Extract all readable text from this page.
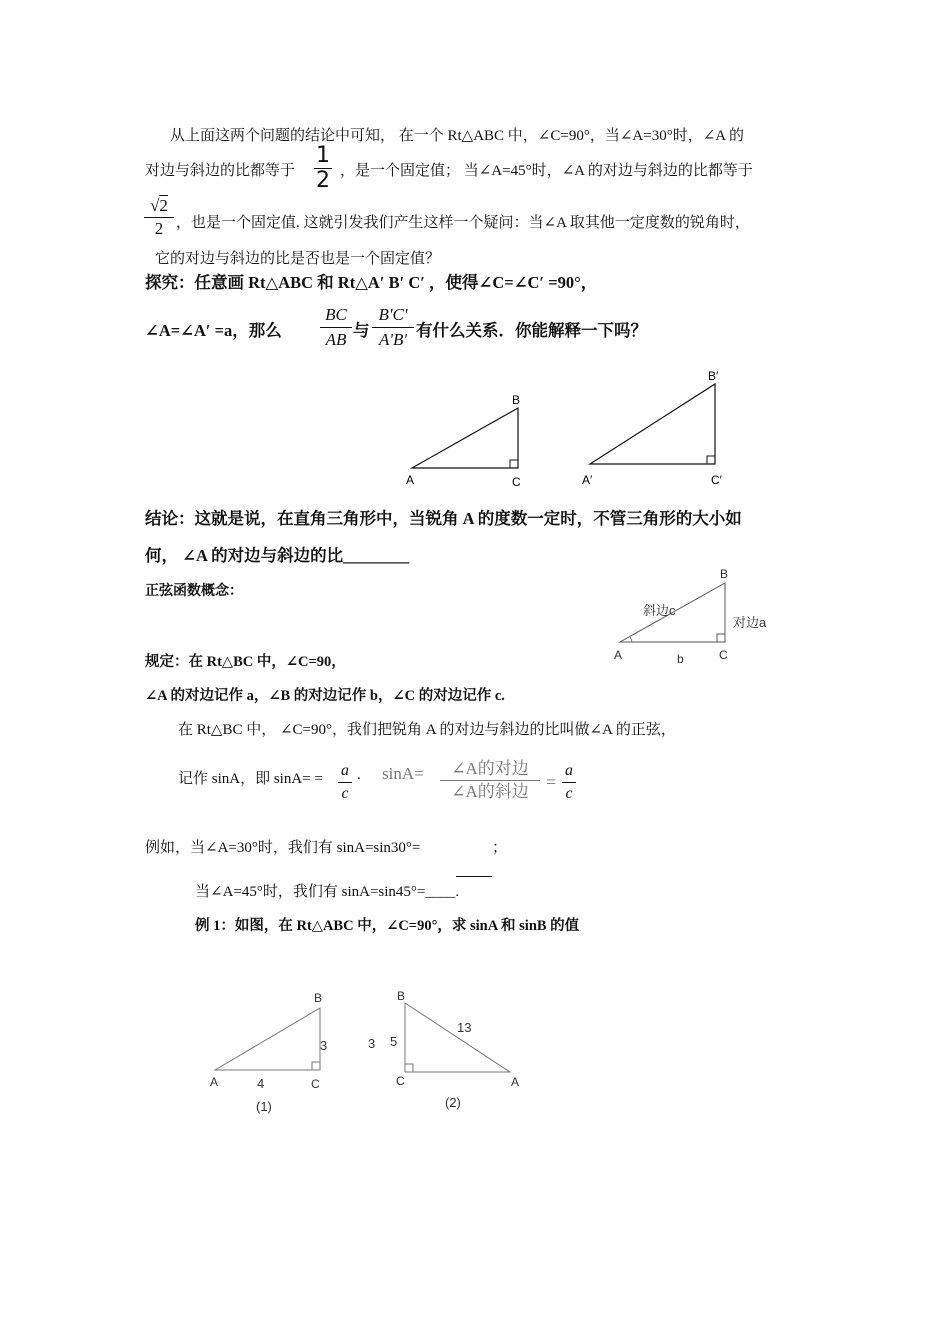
从上面这两个问题的结论中可知， 在一个 Rt△ABC 中，∠C=90°，当∠A=30°时，∠A 的
对边与斜边的比都等于
1
2 ，是一个固定值； 当∠A=45°时，∠A 的对边与斜边的比都等于
√2
2 ，也是一个固定值. 这就引发我们产生这样一个疑问：当∠A 取其他一定度数的锐角时，
它的对边与斜边的比是否也是一个固定值？
探究：任意画 Rt△ABC 和 Rt△A′ B′ C′ ，使得∠C=∠C′ =90°，
∠A=∠A′ =a，那么
BC
AB 与
B'C'
A'B' 有什么关系．你能解释一下吗？
A
B
C	A′
B′
C′
结论：这就是说，在直角三角形中，当锐角 A 的度数一定时，不管三角形的大小如
何， ∠A 的对边与斜边的比________
正弦函数概念：
A
B
C
斜边c
对边a
b
规定：在 Rt△BC 中，∠C=90，
∠A 的对边记作 a，∠B 的对边记作 b，∠C 的对边记作 c.
在 Rt△BC 中， ∠C=90°，我们把锐角 A 的对边与斜边的比叫做∠A 的正弦，
记作 sinA，即 sinA= = a
c
. sinA=	∠A的对边
∠A的斜边 =
a
c
例如，当∠A=30°时，我们有 sinA=sin30°=	；
当∠A=45°时，我们有 sinA=sin45°=____.
例 1：如图，在 Rt△ABC 中，∠C=90°，求 sinA 和 sinB 的值
A
B
C
3
4
(1)
B
C	A
3 5
13
(2)
